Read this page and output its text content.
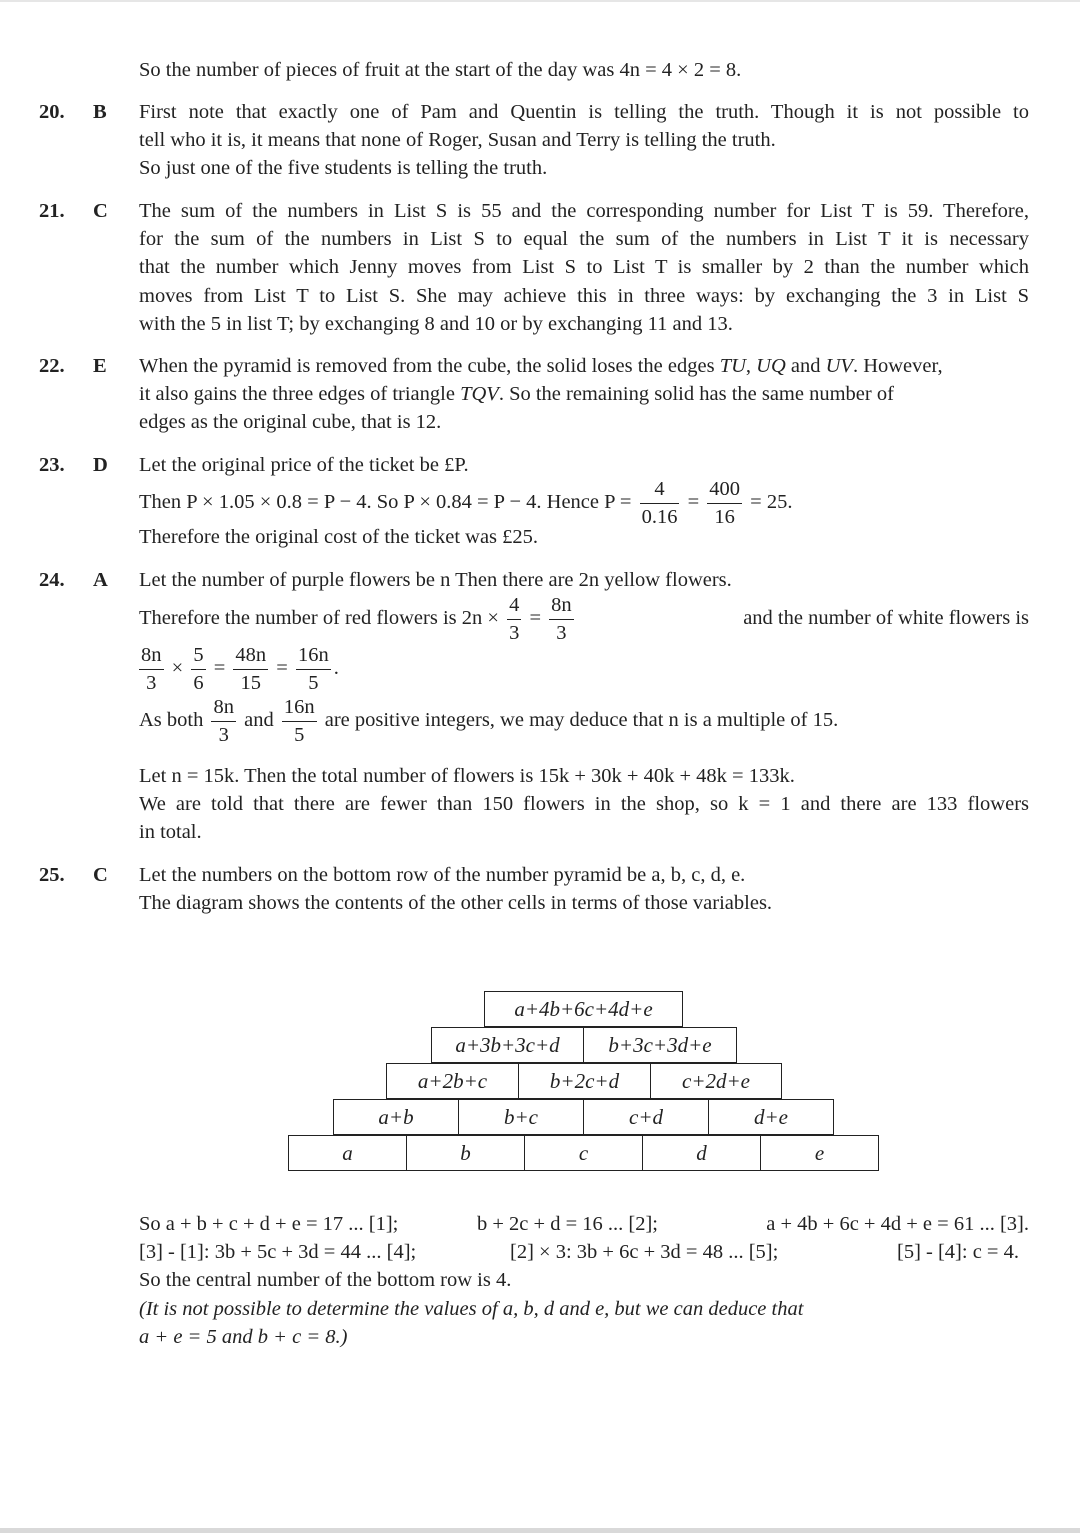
So the number of pieces of fruit at the start of the day was 4n = 4 × 2 = 8.
20. B First note that exactly one of Pam and Quentin is telling the truth. Though it is not possible to
tell who it is, it means that none of Roger, Susan and Terry is telling the truth.
So just one of the five students is telling the truth.
21. C The sum of the numbers in List S is 55 and the corresponding number for List T is 59. Therefore,
for the sum of the numbers in List S to equal the sum of the numbers in List T it is necessary
that the number which Jenny moves from List S to List T is smaller by 2 than the number which
moves from List T to List S. She may achieve this in three ways: by exchanging the 3 in List S
with the 5 in list T; by exchanging 8 and 10 or by exchanging 11 and 13.
22. E When the pyramid is removed from the cube, the solid loses the edges TU, UQ and UV. However,
it also gains the three edges of triangle TQV. So the remaining solid has the same number of
edges as the original cube, that is 12.
23. D Let the original price of the ticket be £P.
Then P × 1.05 × 0.8 = P − 4. So P × 0.84 = P − 4. Hence $P = \frac{4}{0.16} = \frac{400}{16} = 25$.
Therefore the original cost of the ticket was £25.
24. A Let the number of purple flowers be n Then there are 2n yellow flowers.
Therefore the number of red flowers is $2n \times \frac{4}{3} = \frac{8n}{3}$	and the number of white flowers is
$\frac{8n}{3} \times \frac{5}{6} = \frac{48n}{15} = \frac{16n}{5}$ .
As both $\frac{8n}{3}$ and $\frac{16n}{5}$ are positive integers, we may deduce that n is a multiple of 15.
Let n = 15k. Then the total number of flowers is 15k + 30k + 40k + 48k = 133k.
We are told that there are fewer than 150 flowers in the shop, so k = 1 and there are 133 flowers
in total.
25. C Let the numbers on the bottom row of the number pyramid be a, b, c, d, e.
The diagram shows the contents of the other cells in terms of those variables.
a+4b+6c+4d+e
a+3b+3c+d	b+3c+3d+e
a+2b+c	b+2c+d	c+2d+e
a+b	b+c	c+d	d+e
a	b	c	d	e
So a + b + c + d + e = 17 ... [1];	b + 2c + d = 16 ... [2];	a + 4b + 6c + 4d + e = 61 ... [3].
[3] - [1]: 3b + 5c + 3d = 44 ... [4];	[2] × 3: 3b + 6c + 3d = 48 ... [5];	[5] - [4]: c = 4.
So the central number of the bottom row is 4.
(It is not possible to determine the values of a, b, d and e, but we can deduce that
a + e = 5 and b + c = 8.)
